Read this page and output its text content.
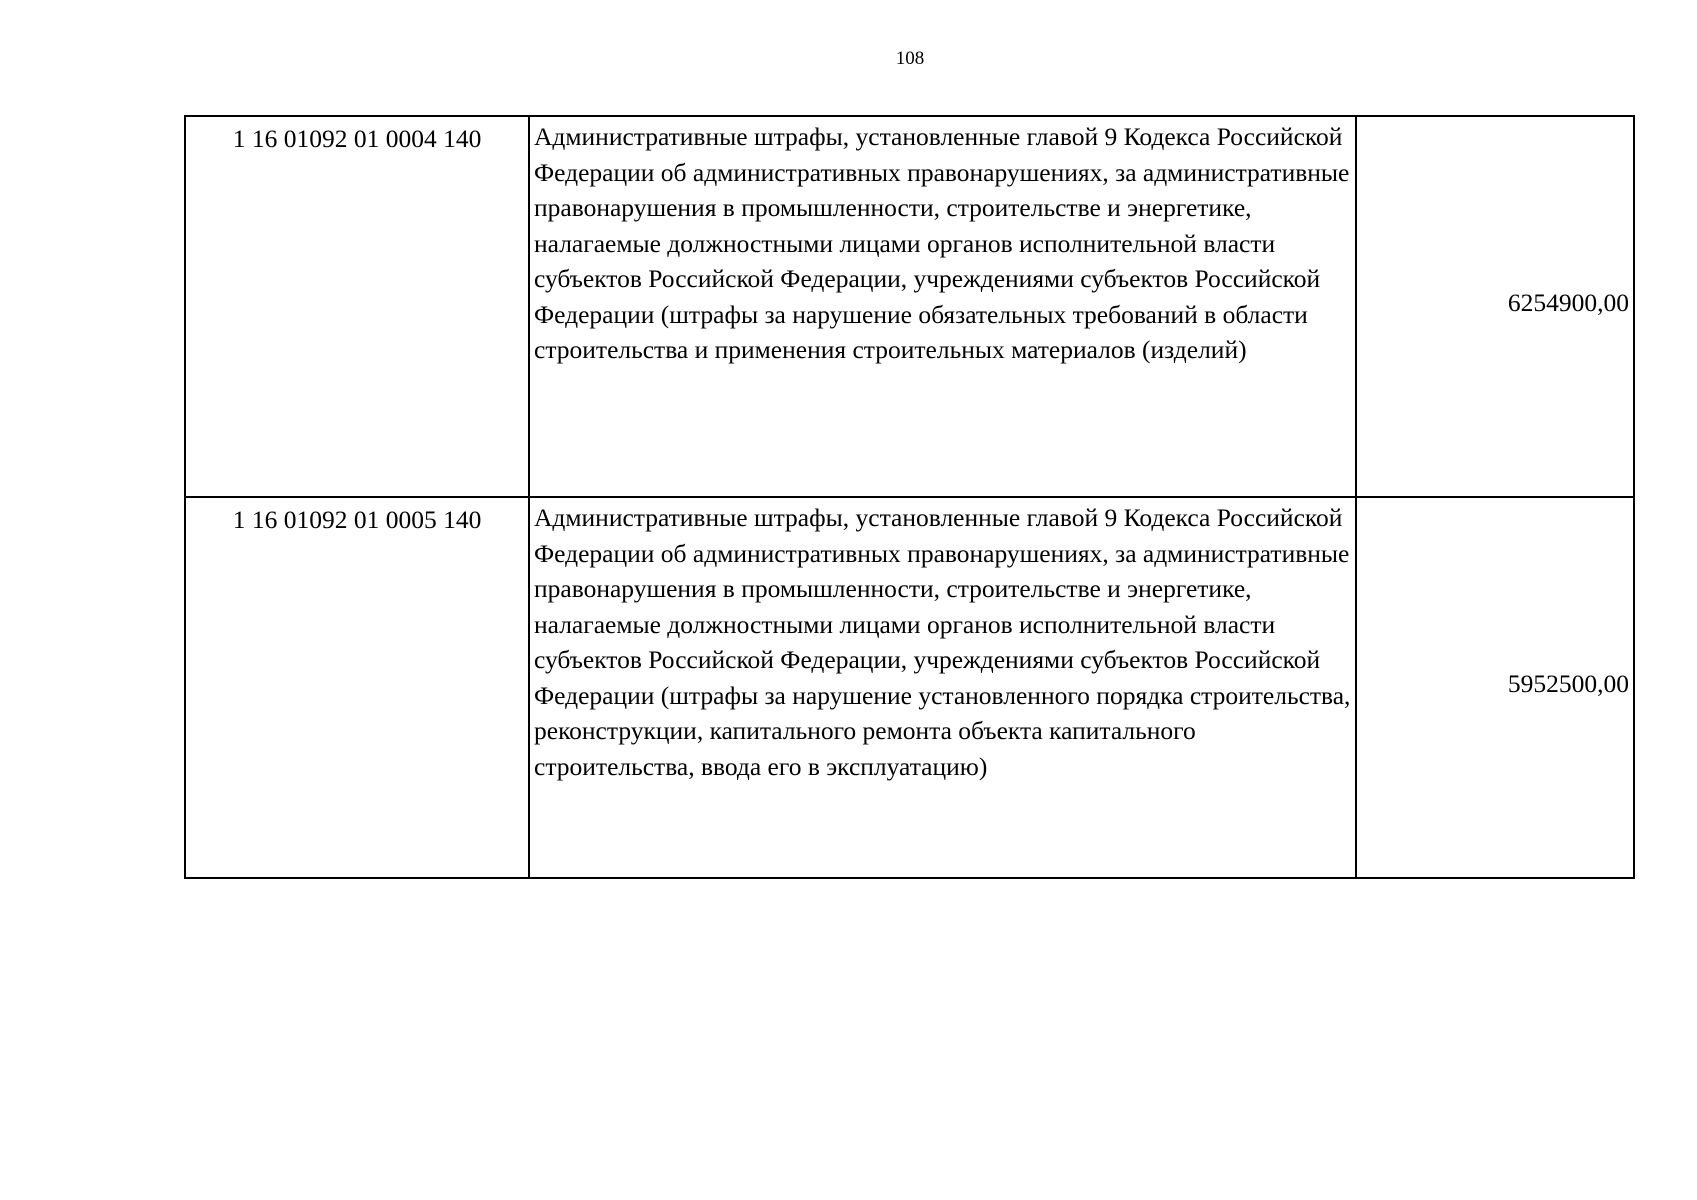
108
1 16 01092 01 0004 140	Административные штрафы, установленные главой 9 Кодекса Российской Федерации об административных правонарушениях, за административные правонарушения в промышленности, строительстве и энергетике, налагаемые должностными лицами органов исполнительной власти субъектов Российской Федерации, учреждениями субъектов Российской Федерации (штрафы за нарушение обязательных требований в области строительства и применения строительных материалов (изделий)	6254900,00
1 16 01092 01 0005 140	Административные штрафы, установленные главой 9 Кодекса Российской Федерации об административных правонарушениях, за административные правонарушения в промышленности, строительстве и энергетике, налагаемые должностными лицами органов исполнительной власти субъектов Российской Федерации, учреждениями субъектов Российской Федерации (штрафы за нарушение установленного порядка строительства, реконструкции, капитального ремонта объекта капитального строительства, ввода его в эксплуатацию)	5952500,00
